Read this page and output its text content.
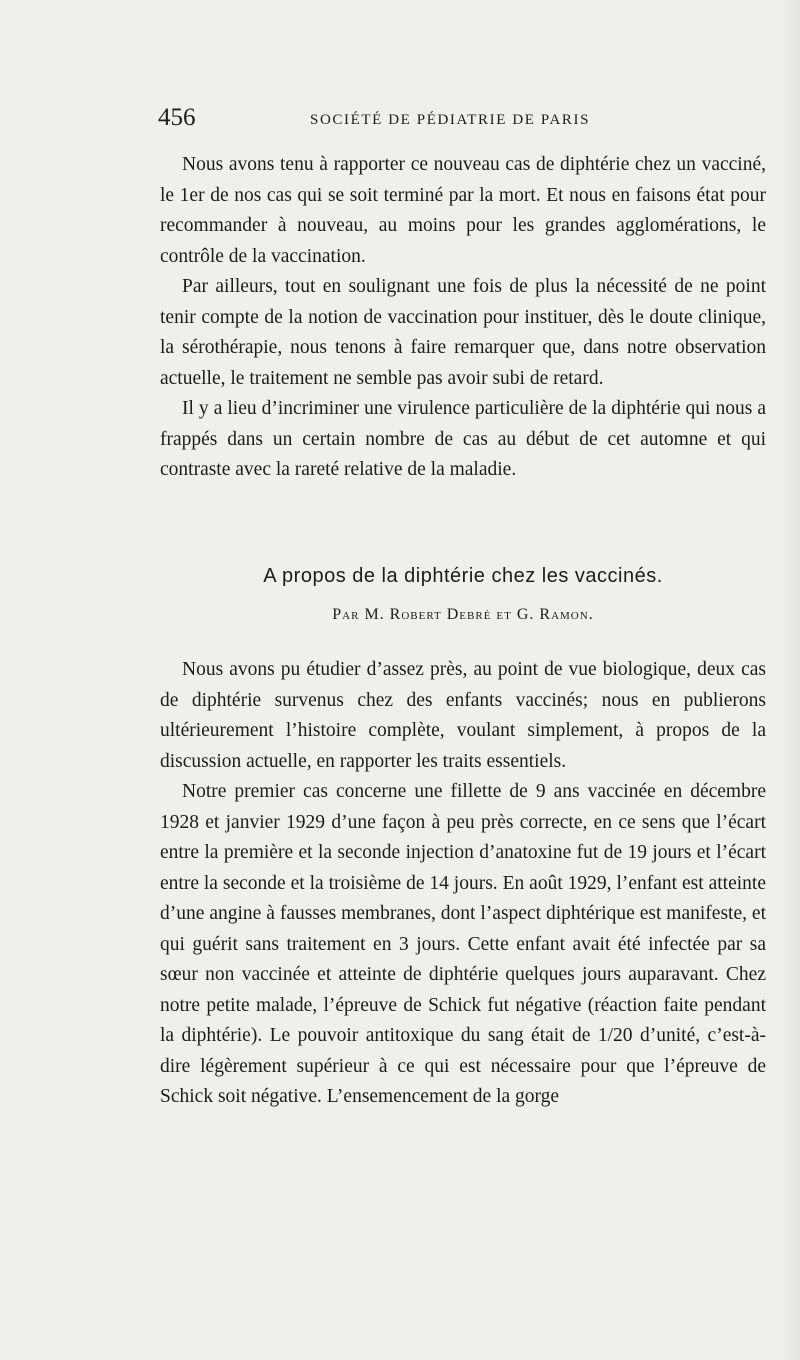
456	SOCIÉTÉ DE PÉDIATRIE DE PARIS

Nous avons tenu à rapporter ce nouveau cas de diphtérie chez un vacciné, le 1er de nos cas qui se soit terminé par la mort. Et nous en faisons état pour recommander à nouveau, au moins pour les grandes agglomérations, le contrôle de la vaccination.

Par ailleurs, tout en soulignant une fois de plus la nécessité de ne point tenir compte de la notion de vaccination pour instituer, dès le doute clinique, la sérothérapie, nous tenons à faire remarquer que, dans notre observation actuelle, le traitement ne semble pas avoir subi de retard.

Il y a lieu d’incriminer une virulence particulière de la diphtérie qui nous a frappés dans un certain nombre de cas au début de cet automne et qui contraste avec la rareté relative de la maladie.

A propos de la diphtérie chez les vaccinés.
Par M. Robert Debré et G. Ramon.

Nous avons pu étudier d’assez près, au point de vue biologique, deux cas de diphtérie survenus chez des enfants vaccinés; nous en publierons ultérieurement l’histoire complète, voulant simplement, à propos de la discussion actuelle, en rapporter les traits essentiels.

Notre premier cas concerne une fillette de 9 ans vaccinée en décembre 1928 et janvier 1929 d’une façon à peu près correcte, en ce sens que l’écart entre la première et la seconde injection d’anatoxine fut de 19 jours et l’écart entre la seconde et la troisième de 14 jours. En août 1929, l’enfant est atteinte d’une angine à fausses membranes, dont l’aspect diphtérique est manifeste, et qui guérit sans traitement en 3 jours. Cette enfant avait été infectée par sa sœur non vaccinée et atteinte de diphtérie quelques jours auparavant. Chez notre petite malade, l’épreuve de Schick fut négative (réaction faite pendant la diphtérie). Le pouvoir antitoxique du sang était de 1/20 d’unité, c’est-à-dire légèrement supérieur à ce qui est nécessaire pour que l’épreuve de Schick soit négative. L’ensemencement de la gorge
